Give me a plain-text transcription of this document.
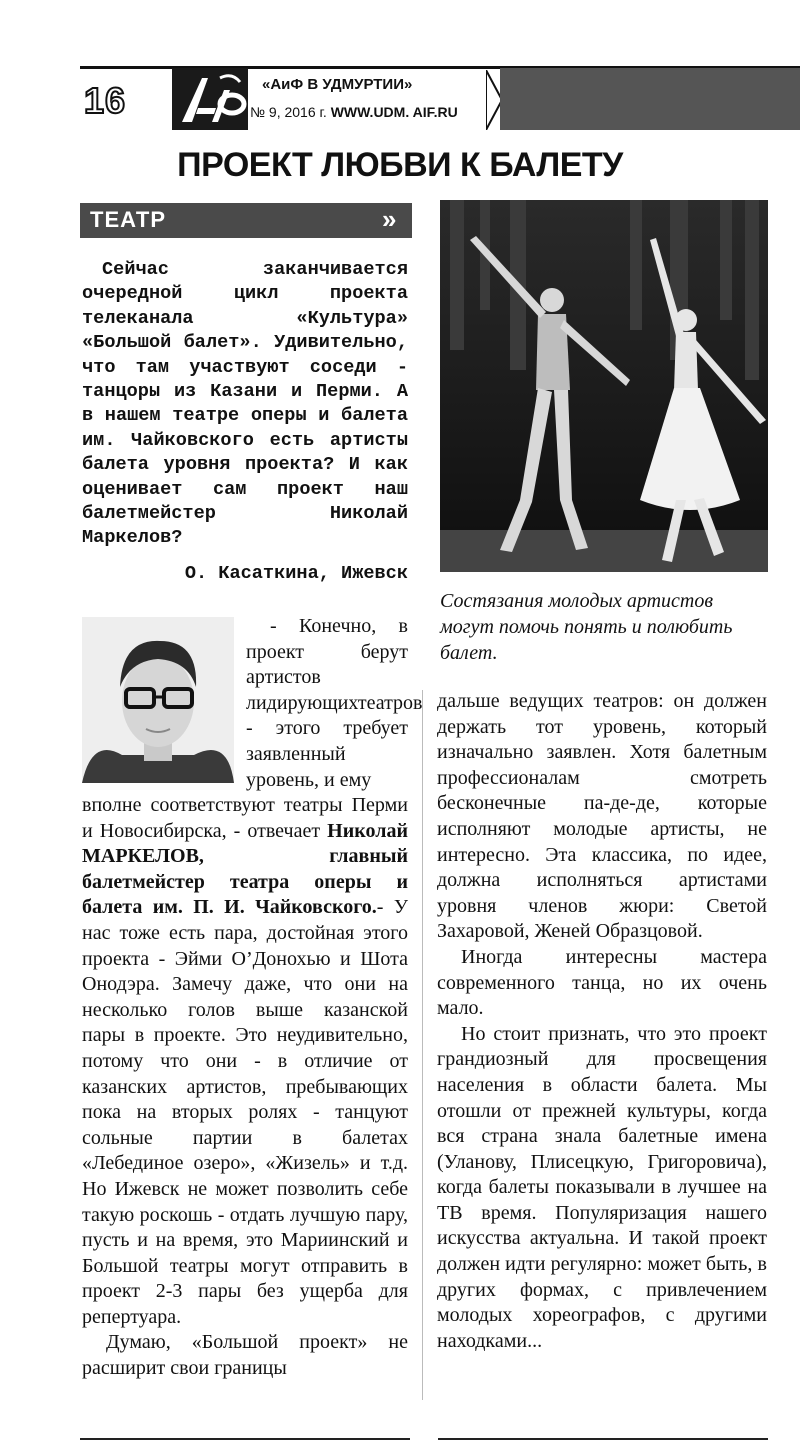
16	«АиФ В УДМУРТИИ»
№ 9, 2016 г. WWW.UDM. AIF.RU
ПРОЕКТ ЛЮБВИ К БАЛЕТУ
ТЕАТР	»
Сейчас заканчивается очередной цикл проекта телеканала «Культура» «Большой балет». Удивительно, что там участвуют соседи - танцоры из Казани и Перми. А в нашем театре оперы и балета им. Чайковского есть артисты балета уровня проекта? И как оценивает сам проект наш балетмейстер Николай Маркелов?
О. Касаткина, Ижевск
Состязания молодых артистов могут помочь понять и полюбить балет.

- Конечно, в проект берут артистов лидирующихтеатров - этого требует заявленный уровень, и ему

вполне соответствуют театры Перми и Новосибирска, - отвечает Николай МАРКЕЛОВ, главный балетмейстер театра оперы и балета им. П. И. Чайковского.- У нас тоже есть пара, достойная этого проекта - Эйми О’Донохью и Шота Онодэра. Замечу даже, что они на несколько голов выше казанской пары в проекте. Это неудивительно, потому что они - в отличие от казанских артистов, пребывающих пока на вторых ролях - танцуют сольные партии в балетах «Лебединое озеро», «Жизель» и т.д. Но Ижевск не может позволить себе такую роскошь - отдать лучшую пару, пусть и на время, это Мариинский и Большой театры могут отправить в проект 2-3 пары без ущерба для репертуара.

Думаю, «Большой проект» не расширит свои границы

дальше ведущих театров: он должен держать тот уровень, который изначально заявлен. Хотя балетным профессионалам смотреть бесконечные па-де-де, которые исполняют молодые артисты, не интересно. Эта классика, по идее, должна исполняться артистами уровня членов жюри: Светой Захаровой, Женей Образцовой.

Иногда интересны мастера современного танца, но их очень мало.

Но стоит признать, что это проект грандиозный для просвещения населения в области балета. Мы отошли от прежней культуры, когда вся страна знала балетные имена (Уланову, Плисецкую, Григоровича), когда балеты показывали в лучшее на ТВ время. Популяризация нашего искусства актуальна. И такой проект должен идти регулярно: может быть, в других формах, с привлечением молодых хореографов, с другими находками...
